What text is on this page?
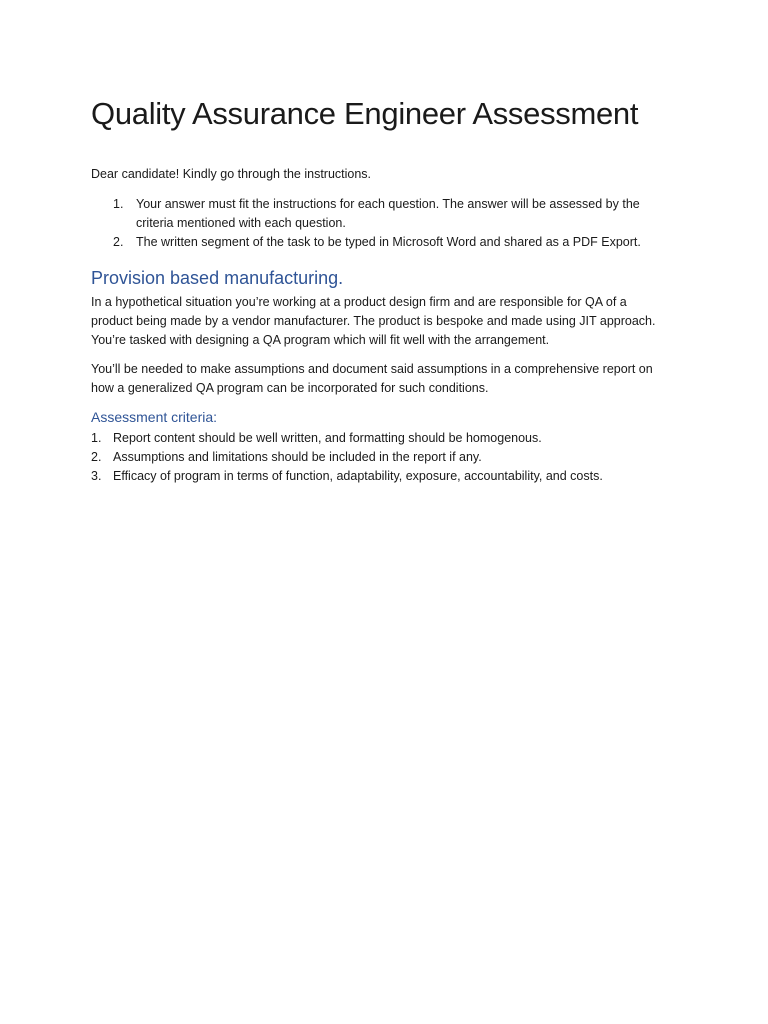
Quality Assurance Engineer Assessment

Dear candidate! Kindly go through the instructions.

1. Your answer must fit the instructions for each question. The answer will be assessed by the criteria mentioned with each question.
2. The written segment of the task to be typed in Microsoft Word and shared as a PDF Export.
Provision based manufacturing.

In a hypothetical situation you’re working at a product design firm and are responsible for QA of a product being made by a vendor manufacturer. The product is bespoke and made using JIT approach. You’re tasked with designing a QA program which will fit well with the arrangement.

You’ll be needed to make assumptions and document said assumptions in a comprehensive report on how a generalized QA program can be incorporated for such conditions.

Assessment criteria:
1. Report content should be well written, and formatting should be homogenous.
2. Assumptions and limitations should be included in the report if any.
3. Efficacy of program in terms of function, adaptability, exposure, accountability, and costs.
